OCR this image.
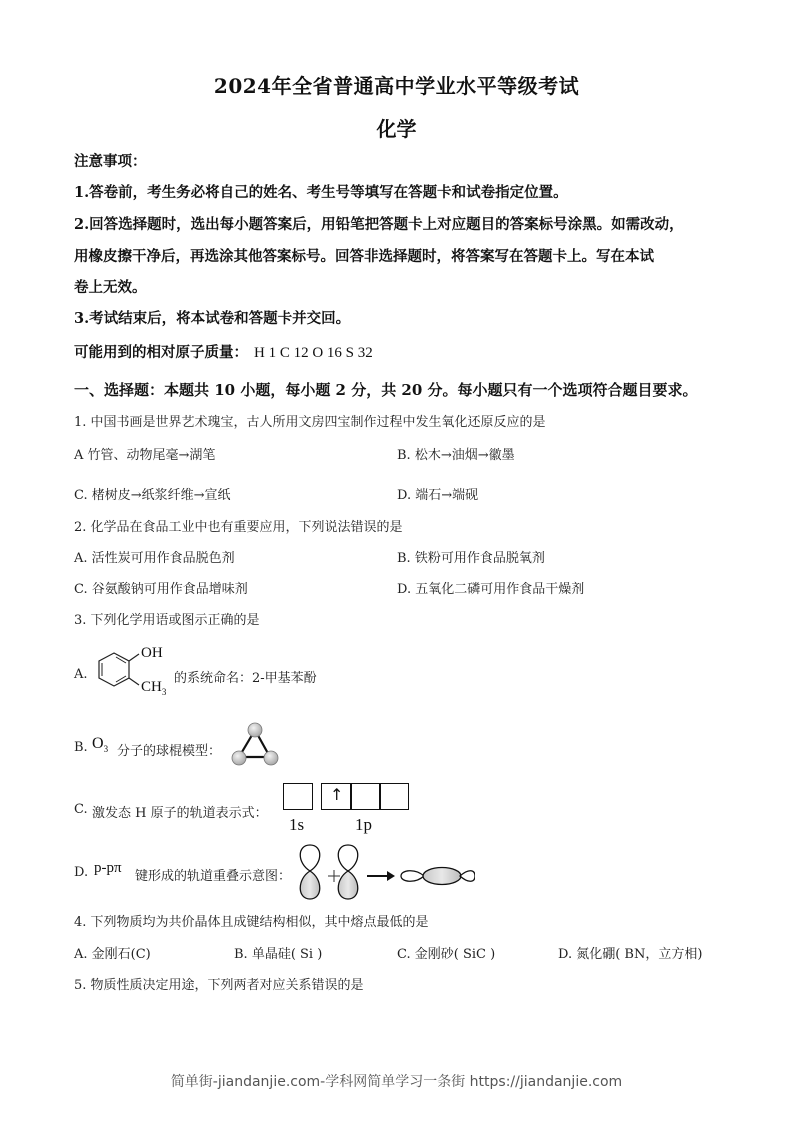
2024年全省普通高中学业水平等级考试
化学
注意事项：
1.答卷前，考生务必将自己的姓名、考生号等填写在答题卡和试卷指定位置。
2.回答选择题时，选出每小题答案后，用铅笔把答题卡上对应题目的答案标号涂黑。如需改动，
用橡皮擦干净后，再选涂其他答案标号。回答非选择题时，将答案写在答题卡上。写在本试
卷上无效。
3.考试结束后，将本试卷和答题卡并交回。
可能用到的相对原子质量： H 1 C 12 O 16 S 32
一、选择题：本题共 10 小题，每小题 2 分，共 20 分。每小题只有一个选项符合题目要求。
1. 中国书画是世界艺术瑰宝，古人所用文房四宝制作过程中发生氧化还原反应的是
A 竹管、动物尾毫→湖笔	B. 松木→油烟→徽墨
C. 楮树皮→纸浆纤维→宣纸	D. 端石→端砚
2. 化学品在食品工业中也有重要应用，下列说法错误的是
A. 活性炭可用作食品脱色剂	B. 铁粉可用作食品脱氧剂
C. 谷氨酸钠可用作食品增味剂	D. 五氧化二磷可用作食品干燥剂
3. 下列化学用语或图示正确的是
A.
OH
$CH_3$
的系统命名：2-甲基苯酚
B. $O_3$ 分子的球棍模型：
C. 激发态 H 原子的轨道表示式：
↑
1s	1p
D. p-pπ
键形成的轨道重叠示意图：
4. 下列物质均为共价晶体且成键结构相似，其中熔点最低的是
A. 金刚石(C)	B. 单晶硅( Si )	C. 金刚砂( SiC )	D. 氮化硼( BN，立方相)
5. 物质性质决定用途，下列两者对应关系错误的是
简单街-jiandanjie.com-学科网简单学习一条街 https://jiandanjie.com
